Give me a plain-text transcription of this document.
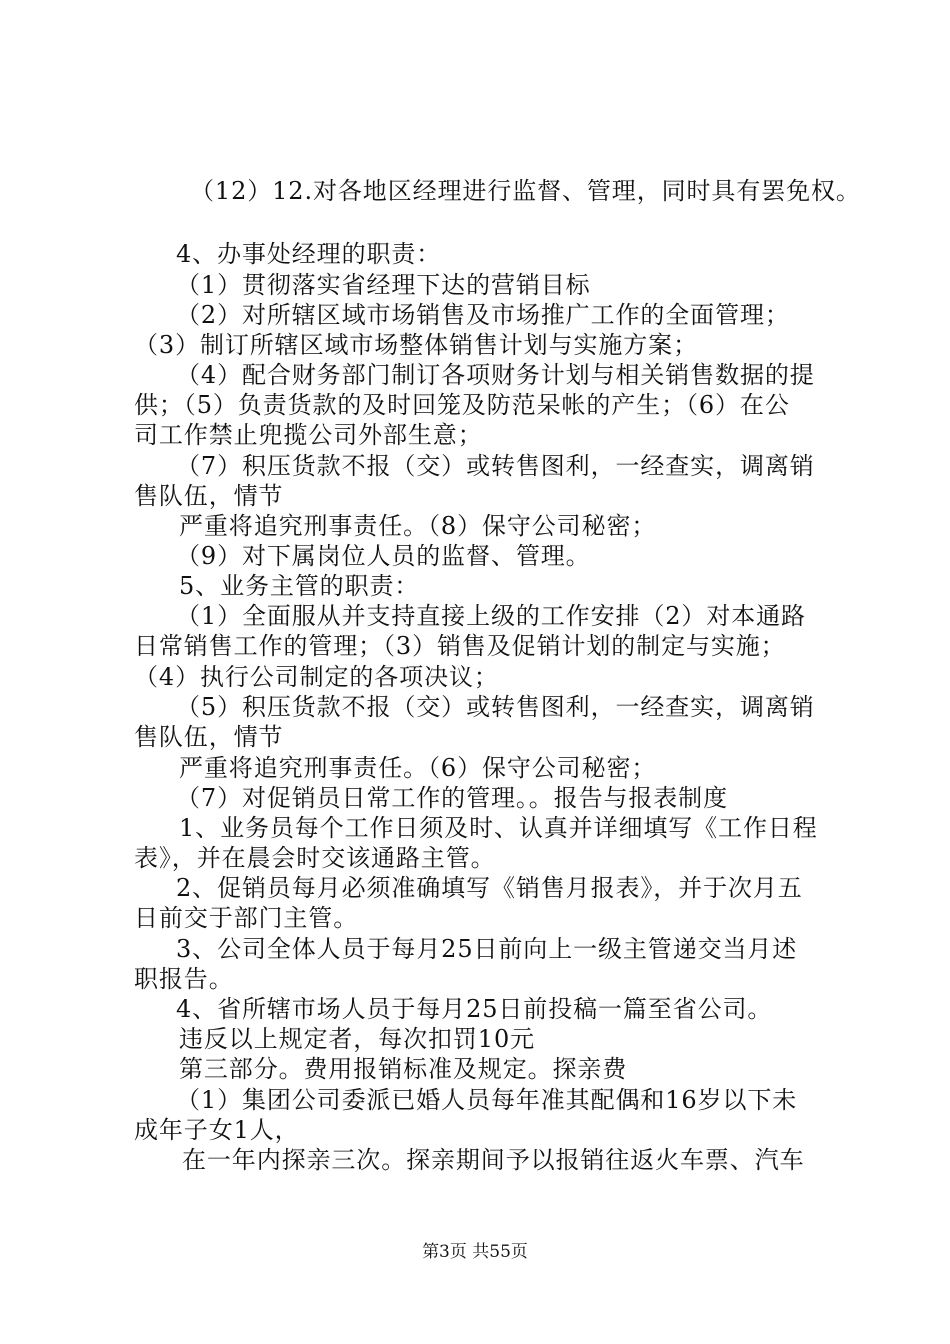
（12）12.对各地区经理进行监督、管理，同时具有罢免权。
4、办事处经理的职责：
（1）贯彻落实省经理下达的营销目标
（2）对所辖区域市场销售及市场推广工作的全面管理；
（3）制订所辖区域市场整体销售计划与实施方案；
（4）配合财务部门制订各项财务计划与相关销售数据的提
供；（5）负责货款的及时回笼及防范呆帐的产生；（6）在公
司工作禁止兜揽公司外部生意；
（7）积压货款不报（交）或转售图利，一经查实，调离销
售队伍，情节
严重将追究刑事责任。（8）保守公司秘密；
（9）对下属岗位人员的监督、管理。
5、业务主管的职责：
（1）全面服从并支持直接上级的工作安排（2）对本通路
日常销售工作的管理；（3）销售及促销计划的制定与实施；
（4）执行公司制定的各项决议；
（5）积压货款不报（交）或转售图利，一经查实，调离销
售队伍，情节
严重将追究刑事责任。（6）保守公司秘密；
（7）对促销员日常工作的管理。。报告与报表制度
1、业务员每个工作日须及时、认真并详细填写《工作日程
表》，并在晨会时交该通路主管。
2、促销员每月必须准确填写《销售月报表》，并于次月五
日前交于部门主管。
3、公司全体人员于每月25日前向上一级主管递交当月述
职报告。
4、省所辖市场人员于每月25日前投稿一篇至省公司。
违反以上规定者，每次扣罚10元
第三部分。费用报销标准及规定。探亲费
（1）集团公司委派已婚人员每年准其配偶和16岁以下未
成年子女1人，
在一年内探亲三次。探亲期间予以报销往返火车票、汽车
第3页 共55页
